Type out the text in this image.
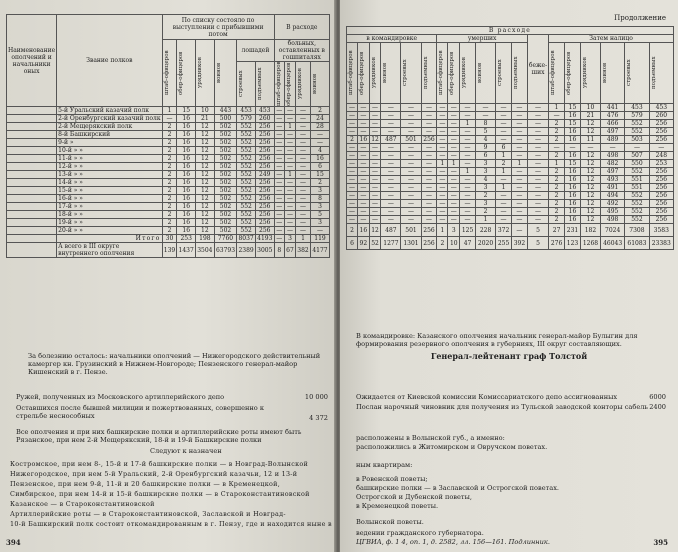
Наименование ополчений и начальники оных	Звание полков	По списку состояло по выступлении с прибывшими потом						В расходе			

		штаб-офицеров	обер-офицеров	урядников	воинов	лошадей		больных, оставленных в гошпиталях			

						строевых	подъемных	штаб-офицеров	обер-офицеров	урядников	воинов

	5-й Уральский казачий полк	1	15	10	443	453	453	—	—	—	2
	2-й Оренбургский казачий полк	—	16	21	500	579	260	—	—	—	24
	2-й Мещерякский полк	2	16	12	502	552	256	—	1	—	28
	8-й Башкирский	2	16	12	502	552	256	—	—	—	—
	9-й »	2	16	12	502	552	256	—	—	—	—
	10-й » »	2	16	12	502	552	256	—	—	—	4
	11-й » »	2	16	12	502	552	256	—	—	—	16
	12-й » »	2	16	12	502	552	256	—	—	—	6
	13-й » »	2	16	12	502	552	249	—	1	—	15
	14-й » »	2	16	12	502	552	256	—	—	—	2
	15-й » »	2	16	12	502	552	256	—	—	—	3
	16-й » »	2	16	12	502	552	256	—	—	—	8
	17-й » »	2	16	12	502	552	256	—	—	—	3
	18-й » »	2	16	12	502	552	256	—	—	—	5
	19-й » »	2	16	12	502	552	256	—	—	—	3
	20-й » »	2	16	12	502	552	256	—	—	—	—
	Итого	30	253	198	7760	8037	4193	—	3	1	119
	А всего в III округе внутреннего ополчения	139	1437	3504	63793	2389	3005	8	67	382	4177
За болезнию осталось: начальники ополчений — Нижегородского действительный камергер кн. Грузинский в Нижнем-Новгороде; Пензенского генерал-майор Кишенский в г. Пензе.
Ружей, полученных из Московского артиллерийского депо	10 000
Оставшихся после бывшей милиции и пожертвованных, совершенно к стрельбе неснособных	4 372
Все ополчения и при них башкирские полки и артиллерийские роты имеют быть Рязанское, при нем 2-й Мещерякский, 18-й и 19-й Башкирские полки
Следуют к назначен
Костромское, при нем 8-, 15-й и 17-й башкирские полки — в Новград-Волынской
Нижегородское, при нем 5-й Уральский, 2-й Оренбургский казачьи, 12 и 13-й
Пензенское, при нем 9-й, 11-й и 20 башкирские полки — в Кременецкой,
Симбирское, при нем 14-й и 15-й башкирские полки — в Староконстантиновской
Казанское — в Староконстантиновской
Артиллерийские роты — в Староконстантиновской, Заславской и Новград-
10-й Башкирский полк состоит откомандированным в г. Пензу, где и находится ныне в
394
Продолжение
В расходе																		
в командировке						умерших						беже-ших	Затем налицо					

штаб-офицеров	обер-офицеров	урядников	воинов	строевых	подъемных	штаб-офицеров	обер-офицеров	урядников	воинов	строевых	подъемных		штаб-офицеров	обер-офицеров	урядников	воинов	строевых	подъемных

—	—	—	—	—	—	—	—	—	—	—	—	—	1	15	10	441	453	453
—	—	—	—	—	—	—	—	—	—	—	—	—	—	16	21	476	579	260
—	—	—	—	—	—	—	—	1	8	—	—	—	2	15	12	466	552	256
—	—	—	—	—	—	—	—	—	5	—	—	—	2	16	12	497	552	256
2	16	12	487	501	256	—	—	—	4	—	—	—	2	16	11	489	503	256
—	—	—	—	—	—	—	—	—	9	6	—	—	—	—	—	—	—	—
—	—	—	—	—	—	—	—	—	6	1	—	—	2	16	12	498	507	248
—	—	—	—	—	—	1	1	—	3	2	1	—	1	15	12	482	550	253
—	—	—	—	—	—	—	—	1	3	1	—	—	2	16	12	497	552	256
—	—	—	—	—	—	—	—	—	4	—	—	—	2	16	12	493	551	256
—	—	—	—	—	—	—	—	—	3	1	—	—	2	16	12	491	551	256
—	—	—	—	—	—	—	—	—	2	—	—	—	2	16	12	494	552	256
—	—	—	—	—	—	—	—	—	3	—	—	—	2	16	12	492	552	256
—	—	—	—	—	—	—	—	—	2	—	—	—	2	16	12	495	552	256
—	—	—	—	—	—	—	—	—	1	—	—	—	2	16	12	498	552	256
2	16	12	487	501	256	1	3	125	228	372	—	5	27	231	182	7024	7308	3583
6	92	52	1277	1301	256	2	10	47	2020	255	392	5	276	123	1268	46043	61083	23383
В командировке: Казанского ополчения начальник генерал-майор Булыгин для формирования резервного ополчения в губерниях, III округ составляющих.
Генерал-лейтенант граф Толстой
Ожидается от Киевской комиссии Комиссариатского депо ассигнованных	6000
Послан нарочный чиновник для получения из Тульской заводской конторы сабель 2400
расположены в Волынской губ., а именно:
расположились в Житомирском и Овручском поветах.
ным квартирам:
в Ровенской поветы;
башкирские полки — в Заславской и Острогской поветах.
Острогской и Дубенской поветы,
в Кременецкой поветы.
Волынской поветы.
ведении гражданского губернатора.
ЦГВИА, ф. 1 4, оп. 1, д. 2582, лл. 156—161. Подлинник.	395
